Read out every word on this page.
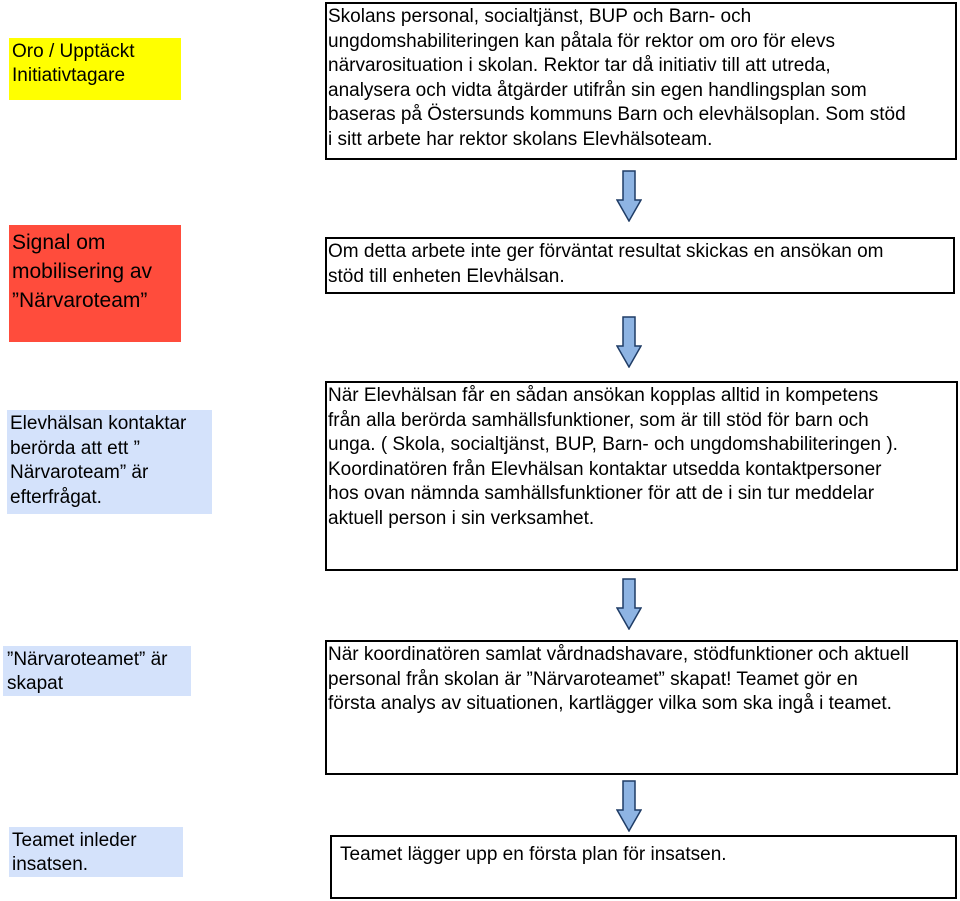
Oro / Upptäckt
Initiativtagare
Signal om
mobilisering av
”Närvaroteam”
Elevhälsan kontaktar
berörda att ett ”
Närvaroteam” är
efterfrågat.
”Närvaroteamet” är
skapat
Teamet inleder
insatsen.
Skolans personal, socialtjänst, BUP och Barn- och
ungdomshabiliteringen kan påtala för rektor om oro för elevs
närvarosituation i skolan. Rektor tar då initiativ till att utreda,
analysera och vidta åtgärder utifrån sin egen handlingsplan som
baseras på Östersunds kommuns Barn och elevhälsoplan. Som stöd
i sitt arbete har rektor skolans Elevhälsoteam.
Om detta arbete inte ger förväntat resultat skickas en ansökan om
stöd till enheten Elevhälsan.
När Elevhälsan får en sådan ansökan kopplas alltid in kompetens
från alla berörda samhällsfunktioner, som är till stöd för barn och
unga. ( Skola, socialtjänst, BUP, Barn- och ungdomshabiliteringen ).
Koordinatören från Elevhälsan kontaktar utsedda kontaktpersoner
hos ovan nämnda samhällsfunktioner för att de i sin tur meddelar
aktuell person i sin verksamhet.
När koordinatören samlat vårdnadshavare, stödfunktioner och aktuell
personal från skolan är ”Närvaroteamet” skapat! Teamet gör en
första analys av situationen, kartlägger vilka som ska ingå i teamet.
Teamet lägger upp en första plan för insatsen.
